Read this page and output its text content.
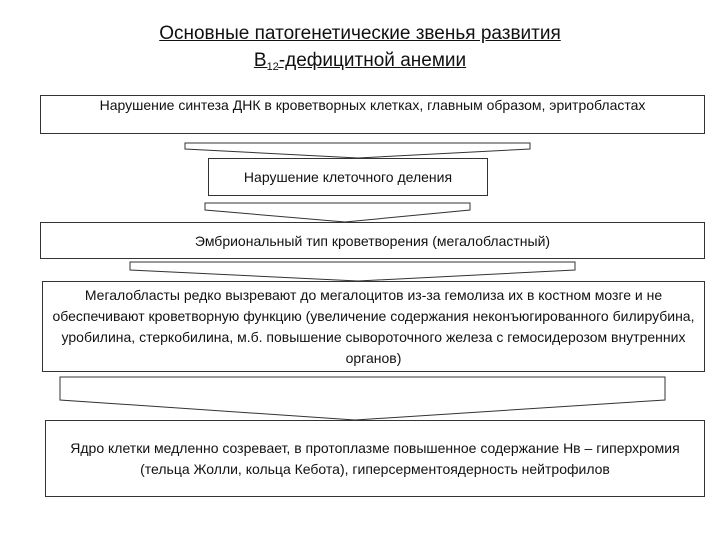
Основные патогенетические звенья развития
$В_{12}$-дефицитной анемии
Нарушение синтеза ДНК в кроветворных клетках, главным образом, эритробластах
Нарушение клеточного деления
Эмбриональный тип кроветворения (мегалобластный)
Мегалобласты редко вызревают до мегалоцитов из-за гемолиза их в костном мозге и не обеспечивают кроветворную функцию (увеличение содержания неконъюгированного билирубина, уробилина, стеркобилина, м.б. повышение сывороточного железа с гемосидерозом внутренних органов)
Ядро клетки медленно созревает, в протоплазме повышенное содержание Нв – гиперхромия (тельца Жолли, кольца Кебота), гиперсерментоядерность нейтрофилов
